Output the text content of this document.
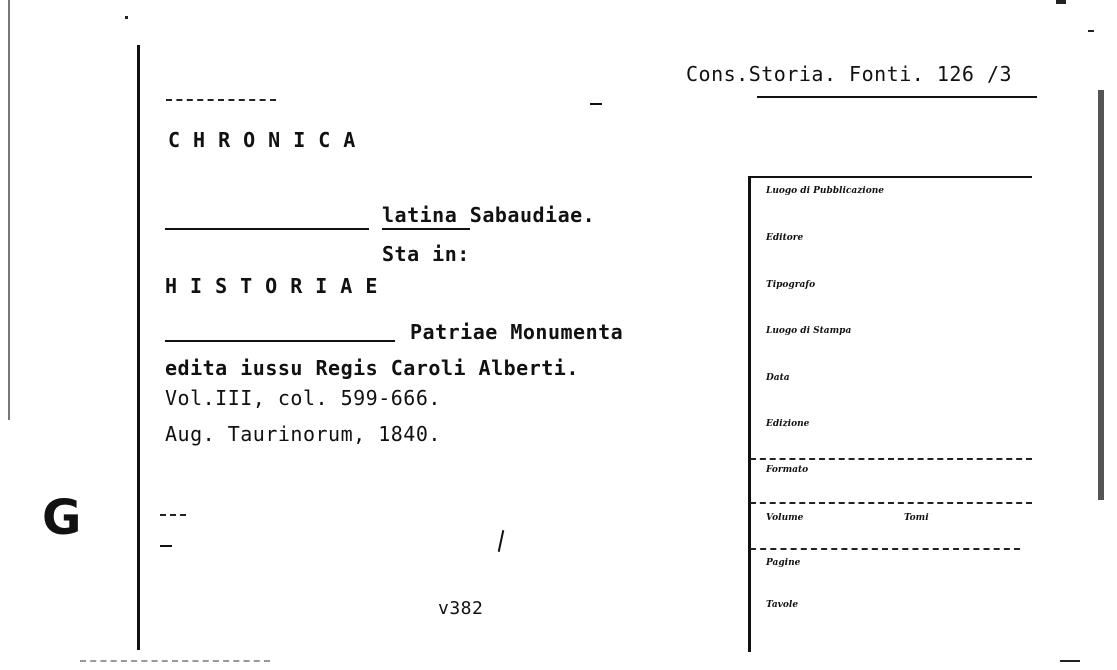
G
Cons.Storia. Fonti. 126 /3
CHRONICA
latina Sabaudiae.
Sta in:
HISTORIAE
Patriae Monumenta
edita iussu Regis Caroli Alberti.
Vol.III, col. 599-666.
Aug. Taurinorum, 1840.
v382
Luogo di Pubblicazione
Editore
Tipografo
Luogo di Stampa
Data
Edizione
Formato
Volume	Tomi
Pagine
Tavole
